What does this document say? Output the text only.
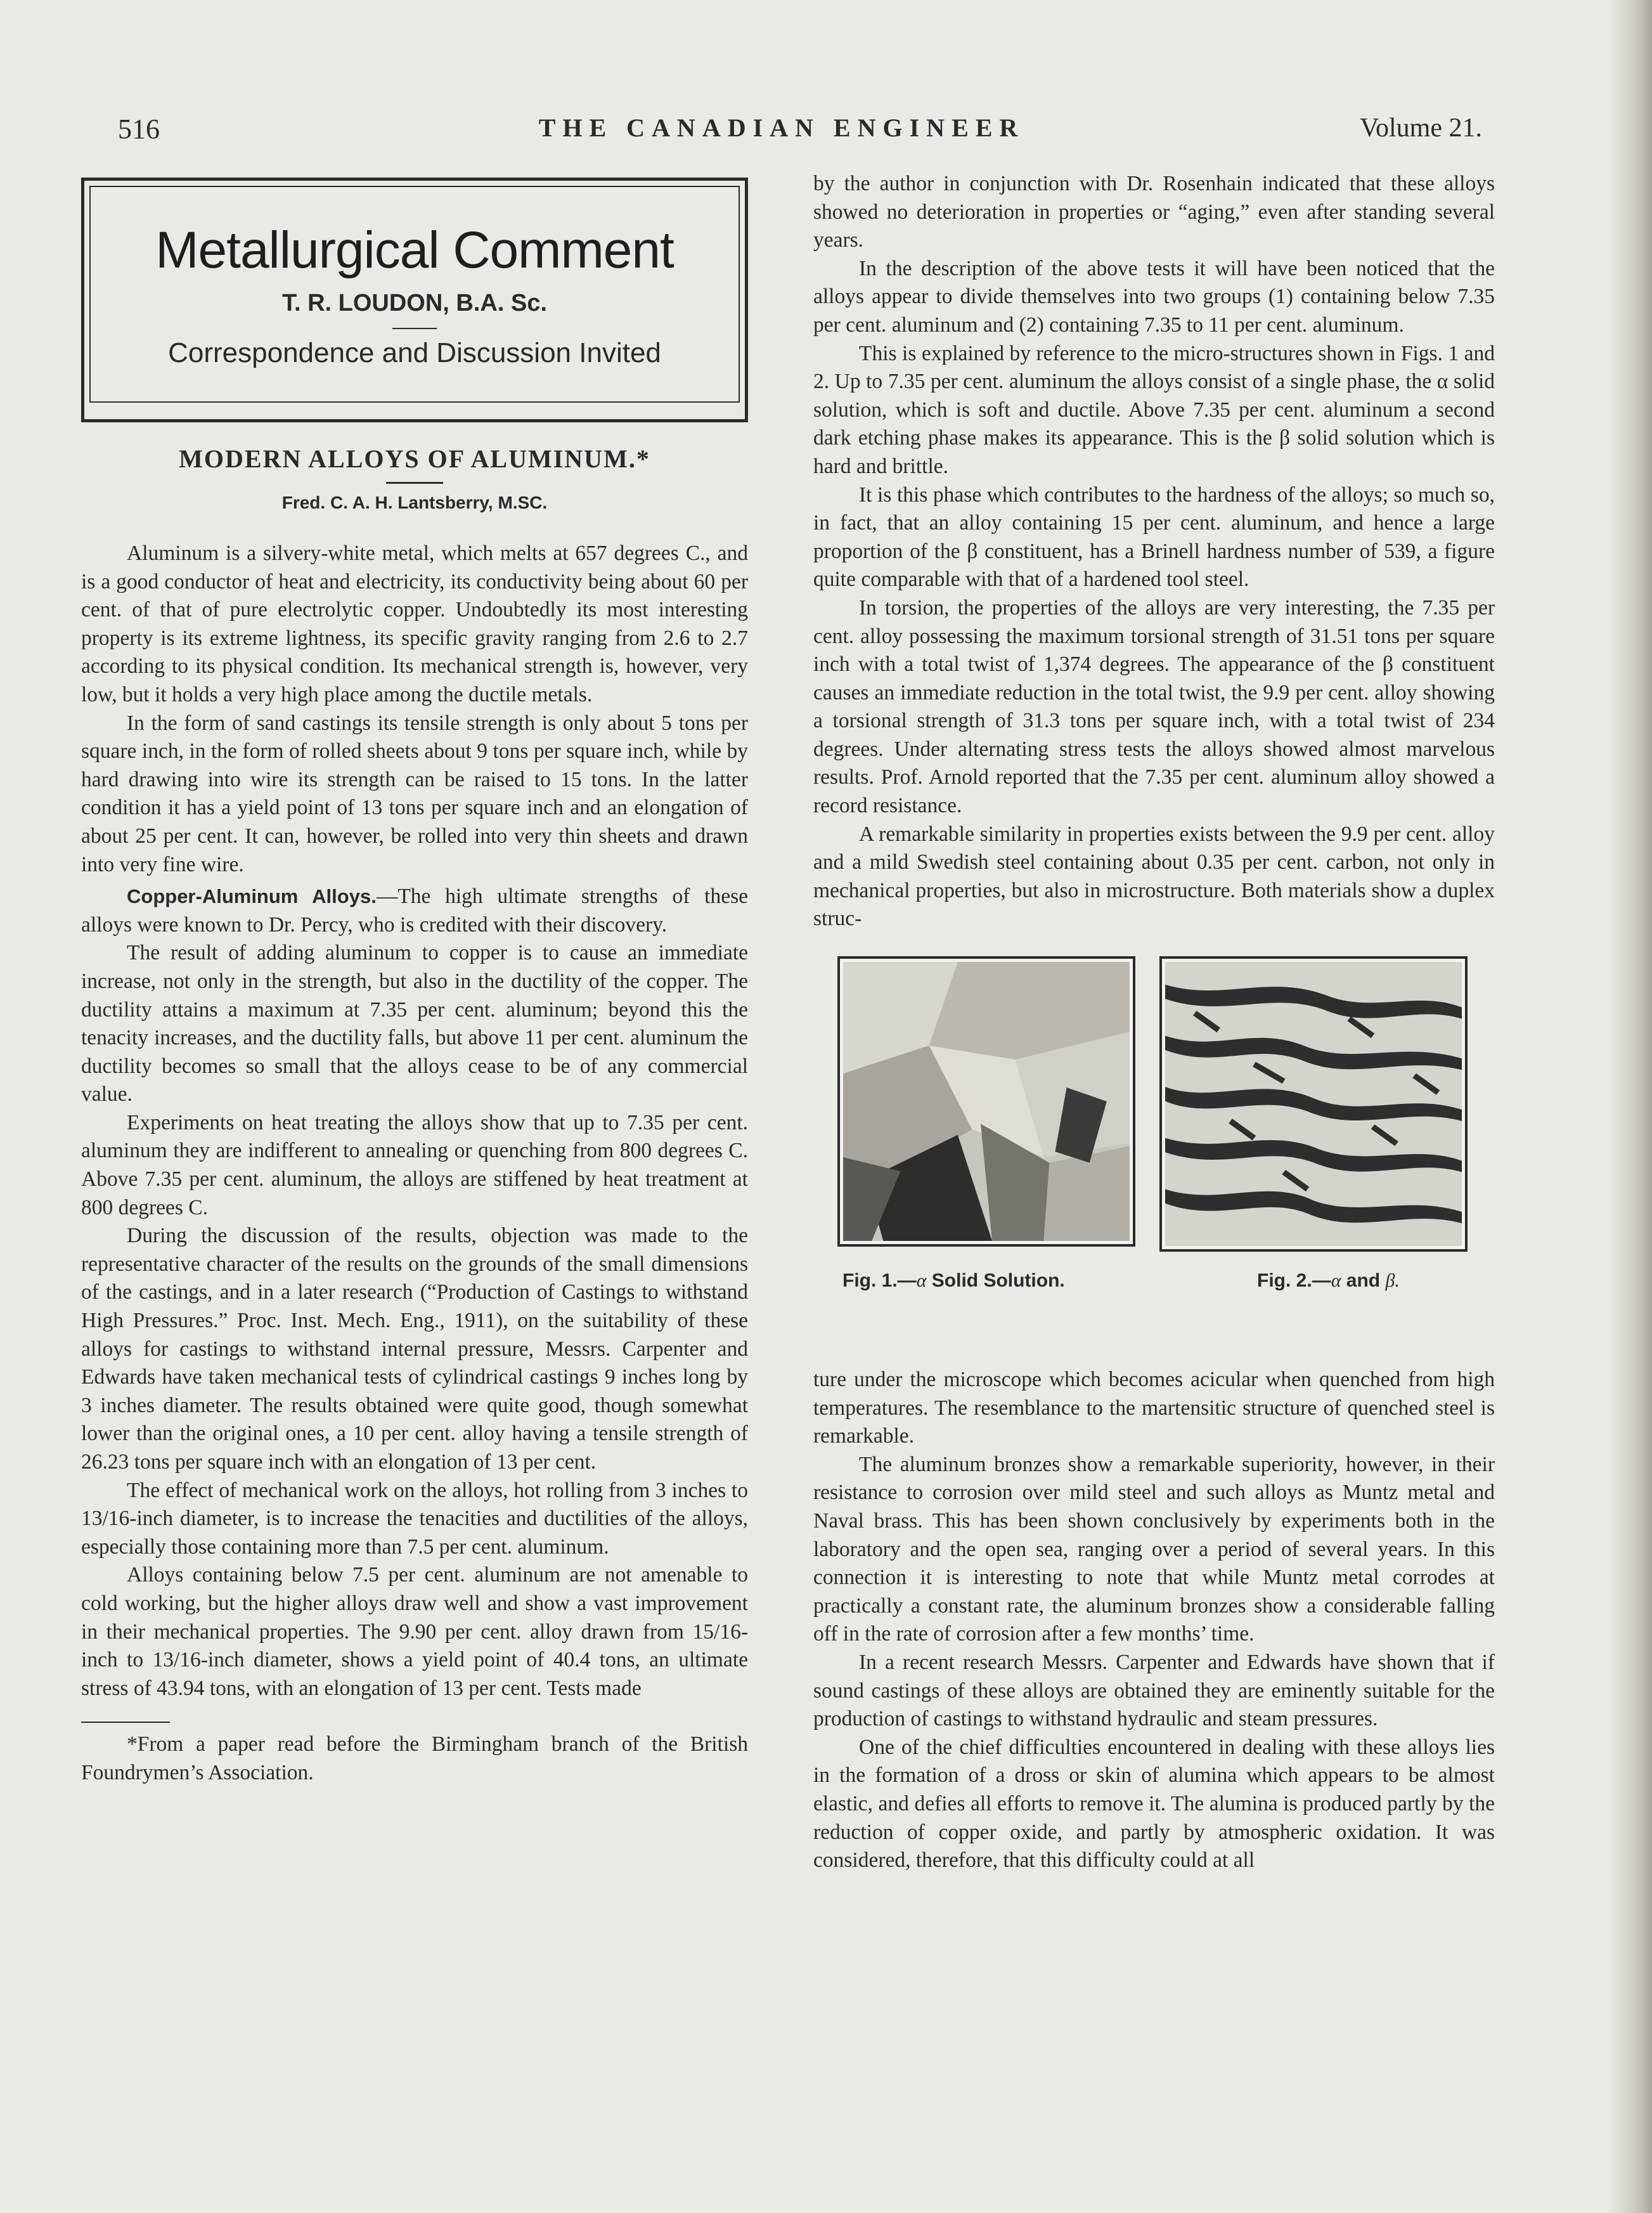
516	THE CANADIAN ENGINEER	Volume 21.
Metallurgical Comment
T. R. LOUDON, B.A. Sc.
Correspondence and Discussion Invited
MODERN ALLOYS OF ALUMINUM.*
Fred. C. A. H. Lantsberry, M.SC.

Aluminum is a silvery-white metal, which melts at 657 degrees C., and is a good conductor of heat and electricity, its conductivity being about 60 per cent. of that of pure electrolytic copper. Undoubtedly its most interesting property is its extreme lightness, its specific gravity ranging from 2.6 to 2.7 according to its physical condition. Its mechanical strength is, however, very low, but it holds a very high place among the ductile metals.

In the form of sand castings its tensile strength is only about 5 tons per square inch, in the form of rolled sheets about 9 tons per square inch, while by hard drawing into wire its strength can be raised to 15 tons. In the latter condition it has a yield point of 13 tons per square inch and an elongation of about 25 per cent. It can, however, be rolled into very thin sheets and drawn into very fine wire.

Copper-Aluminum Alloys.—The high ultimate strengths of these alloys were known to Dr. Percy, who is credited with their discovery.

The result of adding aluminum to copper is to cause an immediate increase, not only in the strength, but also in the ductility of the copper. The ductility attains a maximum at 7.35 per cent. aluminum; beyond this the tenacity increases, and the ductility falls, but above 11 per cent. aluminum the ductility becomes so small that the alloys cease to be of any commercial value.

Experiments on heat treating the alloys show that up to 7.35 per cent. aluminum they are indifferent to annealing or quenching from 800 degrees C. Above 7.35 per cent. aluminum, the alloys are stiffened by heat treatment at 800 degrees C.

During the discussion of the results, objection was made to the representative character of the results on the grounds of the small dimensions of the castings, and in a later research (“Production of Castings to withstand High Pressures.” Proc. Inst. Mech. Eng., 1911), on the suitability of these alloys for castings to withstand internal pressure, Messrs. Carpenter and Edwards have taken mechanical tests of cylindrical castings 9 inches long by 3 inches diameter. The results obtained were quite good, though somewhat lower than the original ones, a 10 per cent. alloy having a tensile strength of 26.23 tons per square inch with an elongation of 13 per cent.

The effect of mechanical work on the alloys, hot rolling from 3 inches to 13/16-inch diameter, is to increase the tenacities and ductilities of the alloys, especially those containing more than 7.5 per cent. aluminum.

Alloys containing below 7.5 per cent. aluminum are not amenable to cold working, but the higher alloys draw well and show a vast improvement in their mechanical properties. The 9.90 per cent. alloy drawn from 15/16-inch to 13/16-inch diameter, shows a yield point of 40.4 tons, an ultimate stress of 43.94 tons, with an elongation of 13 per cent. Tests made

*From a paper read before the Birmingham branch of the British Foundrymen’s Association.

by the author in conjunction with Dr. Rosenhain indicated that these alloys showed no deterioration in properties or “aging,” even after standing several years.

In the description of the above tests it will have been noticed that the alloys appear to divide themselves into two groups (1) containing below 7.35 per cent. aluminum and (2) containing 7.35 to 11 per cent. aluminum.

This is explained by reference to the micro-structures shown in Figs. 1 and 2. Up to 7.35 per cent. aluminum the alloys consist of a single phase, the α solid solution, which is soft and ductile. Above 7.35 per cent. aluminum a second dark etching phase makes its appearance. This is the β solid solution which is hard and brittle.

It is this phase which contributes to the hardness of the alloys; so much so, in fact, that an alloy containing 15 per cent. aluminum, and hence a large proportion of the β constituent, has a Brinell hardness number of 539, a figure quite comparable with that of a hardened tool steel.

In torsion, the properties of the alloys are very interesting, the 7.35 per cent. alloy possessing the maximum torsional strength of 31.51 tons per square inch with a total twist of 1,374 degrees. The appearance of the β constituent causes an immediate reduction in the total twist, the 9.9 per cent. alloy showing a torsional strength of 31.3 tons per square inch, with a total twist of 234 degrees. Under alternating stress tests the alloys showed almost marvelous results. Prof. Arnold reported that the 7.35 per cent. aluminum alloy showed a record resistance.

A remarkable similarity in properties exists between the 9.9 per cent. alloy and a mild Swedish steel containing about 0.35 per cent. carbon, not only in mechanical properties, but also in microstructure. Both materials show a duplex struc-

Fig. 1.—α Solid Solution.	Fig. 2.—α and β.

ture under the microscope which becomes acicular when quenched from high temperatures. The resemblance to the martensitic structure of quenched steel is remarkable.

The aluminum bronzes show a remarkable superiority, however, in their resistance to corrosion over mild steel and such alloys as Muntz metal and Naval brass. This has been shown conclusively by experiments both in the laboratory and the open sea, ranging over a period of several years. In this connection it is interesting to note that while Muntz metal corrodes at practically a constant rate, the aluminum bronzes show a considerable falling off in the rate of corrosion after a few months’ time.

In a recent research Messrs. Carpenter and Edwards have shown that if sound castings of these alloys are obtained they are eminently suitable for the production of castings to withstand hydraulic and steam pressures.

One of the chief difficulties encountered in dealing with these alloys lies in the formation of a dross or skin of alumina which appears to be almost elastic, and defies all efforts to remove it. The alumina is produced partly by the reduction of copper oxide, and partly by atmospheric oxidation. It was considered, therefore, that this difficulty could at all
